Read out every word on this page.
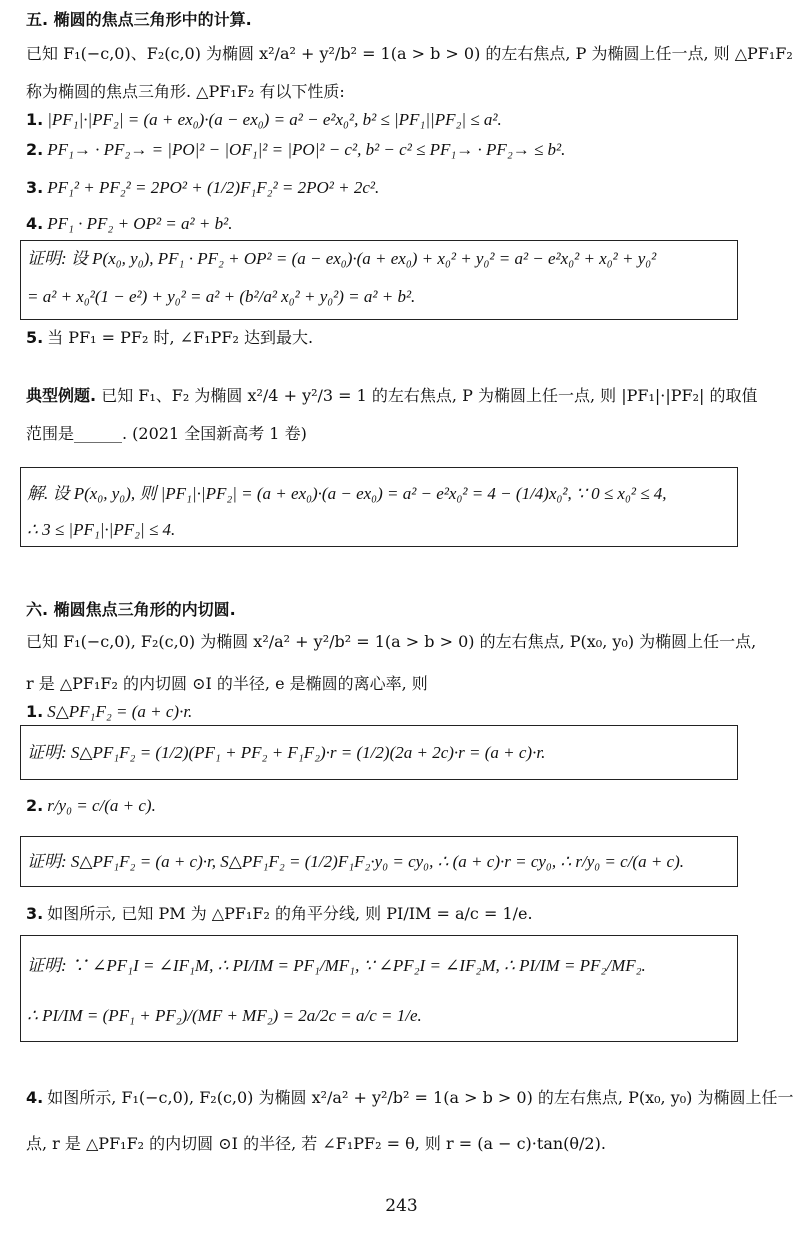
五. 椭圆的焦点三角形中的计算.
已知 F₁(−c,0)、F₂(c,0) 为椭圆 x²/a² + y²/b² = 1(a > b > 0) 的左右焦点, P 为椭圆上任一点, 则 △PF₁F₂
称为椭圆的焦点三角形. △PF₁F₂ 有以下性质:
1. |PF₁|·|PF₂| = (a + ex₀)·(a − ex₀) = a² − e²x₀², b² ≤ |PF₁||PF₂| ≤ a².
2. PF₁→ · PF₂→ = |PO|² − |OF₁|² = |PO|² − c², b² − c² ≤ PF₁→ · PF₂→ ≤ b².
3. PF₁² + PF₂² = 2PO² + (1/2)F₁F₂² = 2PO² + 2c².
4. PF₁ · PF₂ + OP² = a² + b².
证明: 设 P(x₀, y₀), PF₁ · PF₂ + OP² = (a − ex₀)·(a + ex₀) + x₀² + y₀² = a² − e²x₀² + x₀² + y₀²
= a² + x₀²(1 − e²) + y₀² = a² + (b²/a² x₀² + y₀²) = a² + b².
5. 当 PF₁ = PF₂ 时, ∠F₁PF₂ 达到最大.
典型例题. 已知 F₁、F₂ 为椭圆 x²/4 + y²/3 = 1 的左右焦点, P 为椭圆上任一点, 则 |PF₁|·|PF₂| 的取值
范围是______. (2021 全国新高考 1 卷)
解. 设 P(x₀, y₀), 则 |PF₁|·|PF₂| = (a + ex₀)·(a − ex₀) = a² − e²x₀² = 4 − (1/4)x₀², ∵ 0 ≤ x₀² ≤ 4,
∴ 3 ≤ |PF₁|·|PF₂| ≤ 4.
六. 椭圆焦点三角形的内切圆.
已知 F₁(−c,0), F₂(c,0) 为椭圆 x²/a² + y²/b² = 1(a > b > 0) 的左右焦点, P(x₀, y₀) 为椭圆上任一点,
r 是 △PF₁F₂ 的内切圆 ⊙I 的半径, e 是椭圆的离心率, 则
1. S△PF₁F₂ = (a + c)·r.
证明: S△PF₁F₂ = (1/2)(PF₁ + PF₂ + F₁F₂)·r = (1/2)(2a + 2c)·r = (a + c)·r.
2. r/y₀ = c/(a + c).
证明: S△PF₁F₂ = (a + c)·r, S△PF₁F₂ = (1/2)F₁F₂·y₀ = cy₀, ∴ (a + c)·r = cy₀, ∴ r/y₀ = c/(a + c).
3. 如图所示, 已知 PM 为 △PF₁F₂ 的角平分线, 则 PI/IM = a/c = 1/e.
证明: ∵ ∠PF₁I = ∠IF₁M, ∴ PI/IM = PF₁/MF₁, ∵ ∠PF₂I = ∠IF₂M, ∴ PI/IM = PF₂/MF₂.
∴ PI/IM = (PF₁ + PF₂)/(MF + MF₂) = 2a/2c = a/c = 1/e.
4. 如图所示, F₁(−c,0), F₂(c,0) 为椭圆 x²/a² + y²/b² = 1(a > b > 0) 的左右焦点, P(x₀, y₀) 为椭圆上任一
点, r 是 △PF₁F₂ 的内切圆 ⊙I 的半径, 若 ∠F₁PF₂ = θ, 则 r = (a − c)·tan(θ/2).
243
